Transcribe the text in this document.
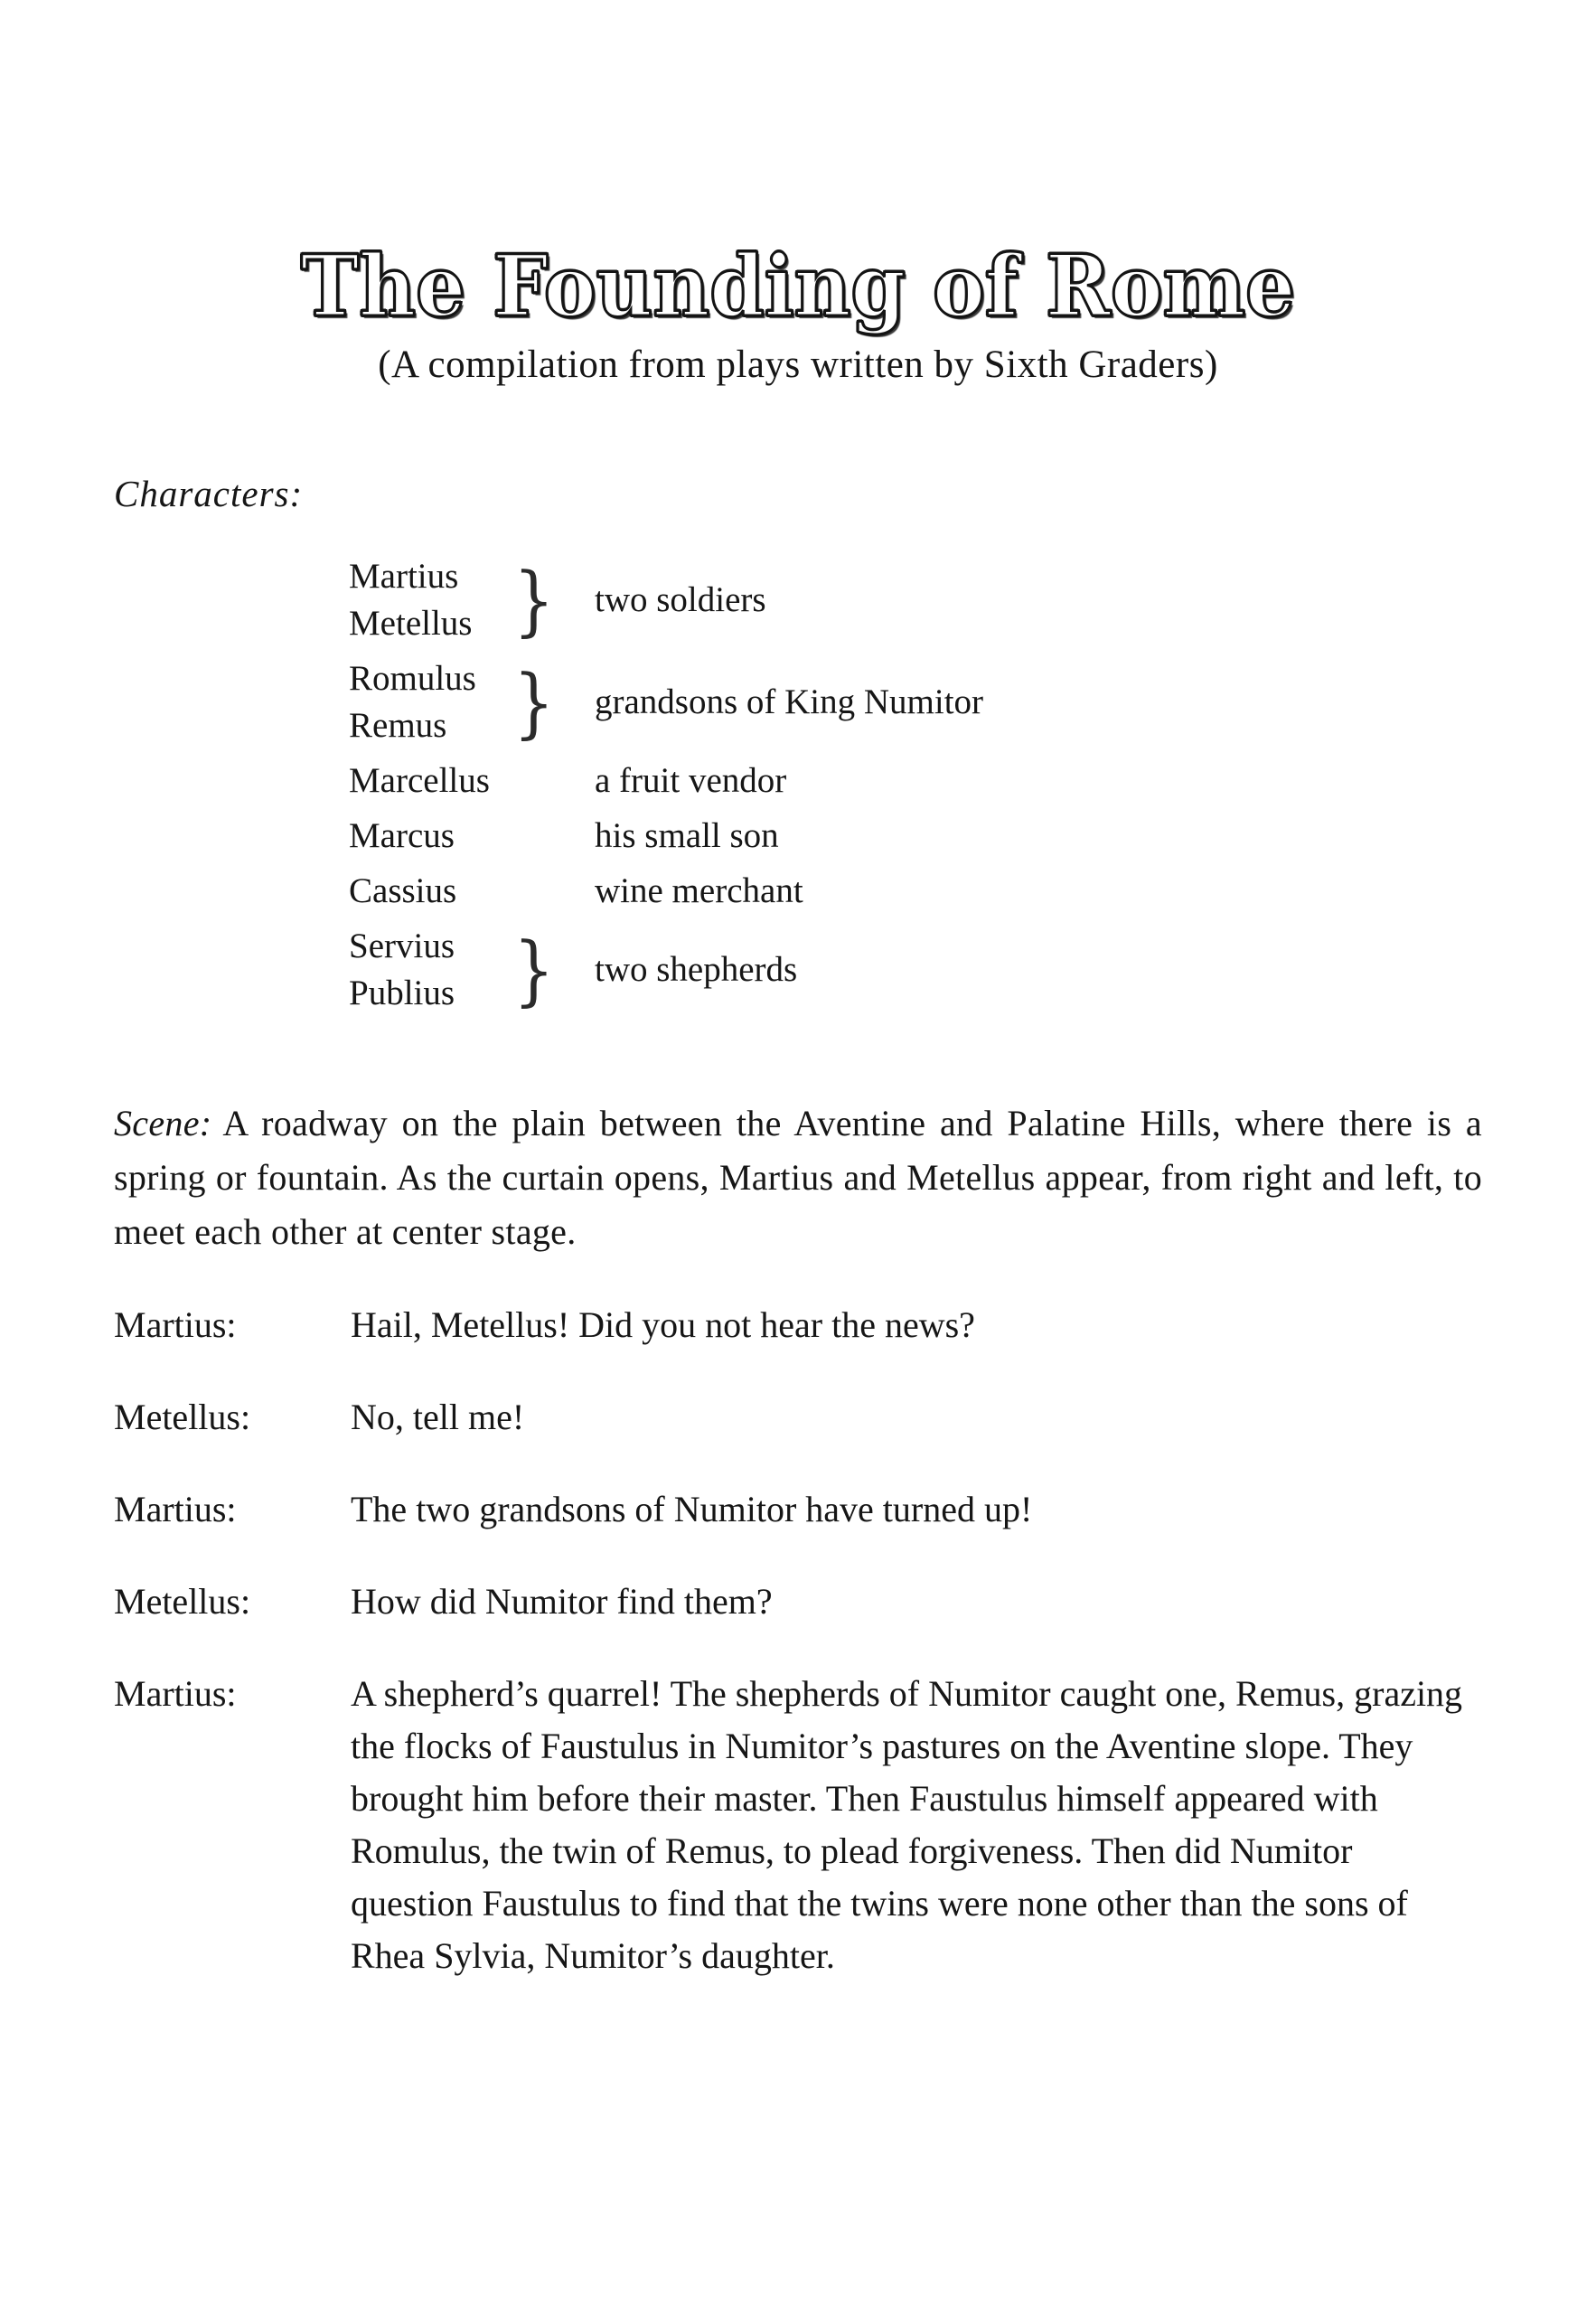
The Founding of Rome
(A compilation from plays written by Sixth Graders)
Characters:
Martius
Metellus }	two soldiers
Romulus
Remus }	grandsons of King Numitor
Marcellus	a fruit vendor
Marcus	his small son
Cassius	wine merchant
Servius
Publius }	two shepherds

Scene: A roadway on the plain between the Aventine and Palatine Hills, where there is a spring or fountain. As the curtain opens, Martius and Metellus appear, from right and left, to meet each other at center stage.

Martius:	Hail, Metellus! Did you not hear the news?
Metellus:	No, tell me!
Martius:	The two grandsons of Numitor have turned up!
Metellus:	How did Numitor find them?
Martius:	A shepherd’s quarrel! The shepherds of Numitor caught one, Remus, grazing the flocks of Faustulus in Numitor’s pastures on the Aventine slope. They brought him before their master. Then Faustulus himself appeared with Romulus, the twin of Remus, to plead forgiveness. Then did Numitor question Faustulus to find that the twins were none other than the sons of Rhea Sylvia, Numitor’s daughter.
